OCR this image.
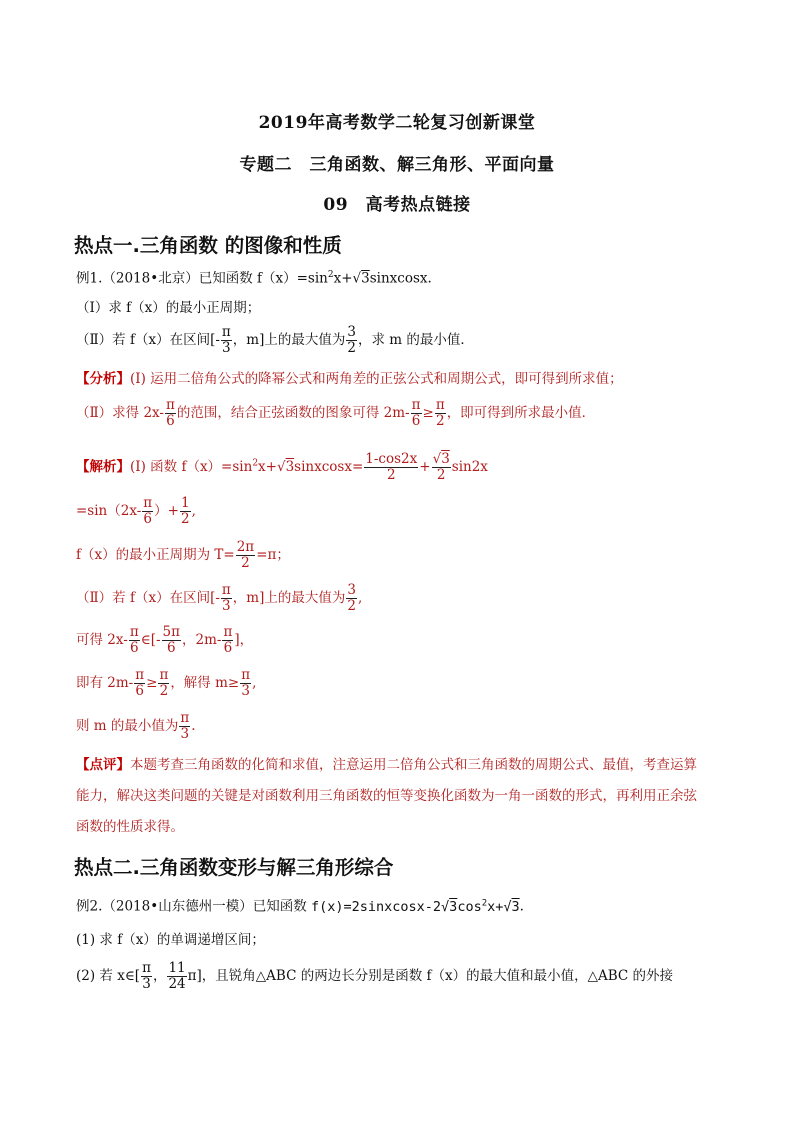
2019年高考数学二轮复习创新课堂
专题二　三角函数、解三角形、平面向量
09　高考热点链接
热点一.三角函数 的图像和性质
例1.（2018•北京）已知函数 $f(x)=\sin^2x+√3sinxcosx$.
（Ⅰ）求 f（x）的最小正周期；
（Ⅱ）若 f（x）在区间[- $\frac{\pi}{3}$ ，m]上的最大值为 $\frac{3}{2}$ ，求 m 的最小值．
【分析】(Ⅰ) 运用二倍角公式的降幂公式和两角差的正弦公式和周期公式，即可得到所求值；
（Ⅱ）求得 $2x- \frac{\pi}{6}$ 的范围，结合正弦函数的图象可得 $2m- \frac{\pi}{6} \ge \frac{\pi}{2}$ ，即可得到所求最小值．
【解析】(Ⅰ) 函数 $f(x)=\sin^2x+√3sinxcosx= \frac{1-\cos 2x}{2} + \frac{√3}{2} \sin 2x$
$=\sin(2x- \frac{\pi}{6}$ ）+ $\frac{1}{2}$ ,
f（x）的最小正周期为 $T= \frac{2\pi}{2} =\pi$；
（Ⅱ）若 f（x）在区间[- $\frac{\pi}{3}$ ，m]上的最大值为 $\frac{3}{2}$ ,
可得 $2x- \frac{\pi}{6}$ ∈[- $\frac{5\pi}{6}$ ，$2m- \frac{\pi}{6}$ ]，
即有 $2m- \frac{\pi}{6} \ge \frac{\pi}{2}$ ，解得 $m\ge \frac{\pi}{3}$ ,
则 m 的最小值为 $\frac{\pi}{3}$ .
【点评】本题考查三角函数的化简和求值，注意运用二倍角公式和三角函数的周期公式、最值，考查运算
能力，解决这类问题的关键是对函数利用三角函数的恒等变换化函数为一角一函数的形式，再利用正余弦
函数的性质求得。
热点二.三角函数变形与解三角形综合
例2.（2018•山东德州一模）已知函数 $f(x)=2sinxcosx-2√3\cos^2x+√3$.
(1) 求 f（x）的单调递增区间；
(2) 若 x∈[ $\frac{\pi}{3}$ ， $\frac{11}{24} \pi$]，且锐角△ABC 的两边长分别是函数 f（x）的最大值和最小值，△ABC 的外接
